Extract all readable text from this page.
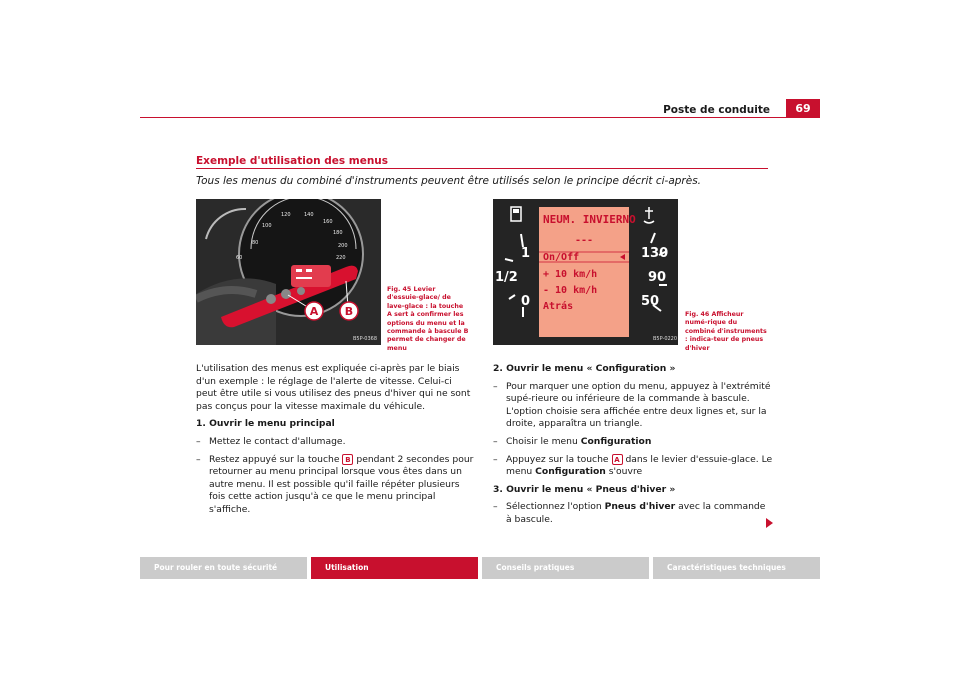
Poste de conduite	69
Exemple d'utilisation des menus
Tous les menus du combiné d'instruments peuvent être utilisés selon le principe décrit ci-après.
80
100
120	140
160
180
200
220
60
A B
B5P-0368
Fig. 45 Levier d'essuie-glace/ de lave-glace : la touche A sert à confirmer les options du menu et la commande à bascule B permet de changer de menu
NEUM. INVIERNO
---
On/Off
+ 10 km/h
- 10 km/h
Atrás
1
1/2
0
130
90
50
B5P-0220
Fig. 46 Afficheur numé-rique du combiné d'instruments : indica-teur de pneus d'hiver
L'utilisation des menus est expliquée ci-après par le biais d'un exemple : le réglage de l'alerte de vitesse. Celui-ci peut être utile si vous utilisez des pneus d'hiver qui ne sont pas conçus pour la vitesse maximale du véhicule.
1. Ouvrir le menu principal
– Mettez le contact d'allumage.
– Restez appuyé sur la touche B pendant 2 secondes pour retourner au menu principal lorsque vous êtes dans un autre menu. Il est possible qu'il faille répéter plusieurs fois cette action jusqu'à ce que le menu principal s'affiche.
2. Ouvrir le menu « Configuration »
– Pour marquer une option du menu, appuyez à l'extrémité supé-rieure ou inférieure de la commande à bascule. L'option choisie sera affichée entre deux lignes et, sur la droite, apparaîtra un triangle.
– Choisir le menu Configuration
– Appuyez sur la touche A dans le levier d'essuie-glace. Le menu Configuration s'ouvre
3. Ouvrir le menu « Pneus d'hiver »
– Sélectionnez l'option Pneus d'hiver avec la commande à bascule.
Pour rouler en toute sécurité	Utilisation	Conseils pratiques	Caractéristiques techniques
